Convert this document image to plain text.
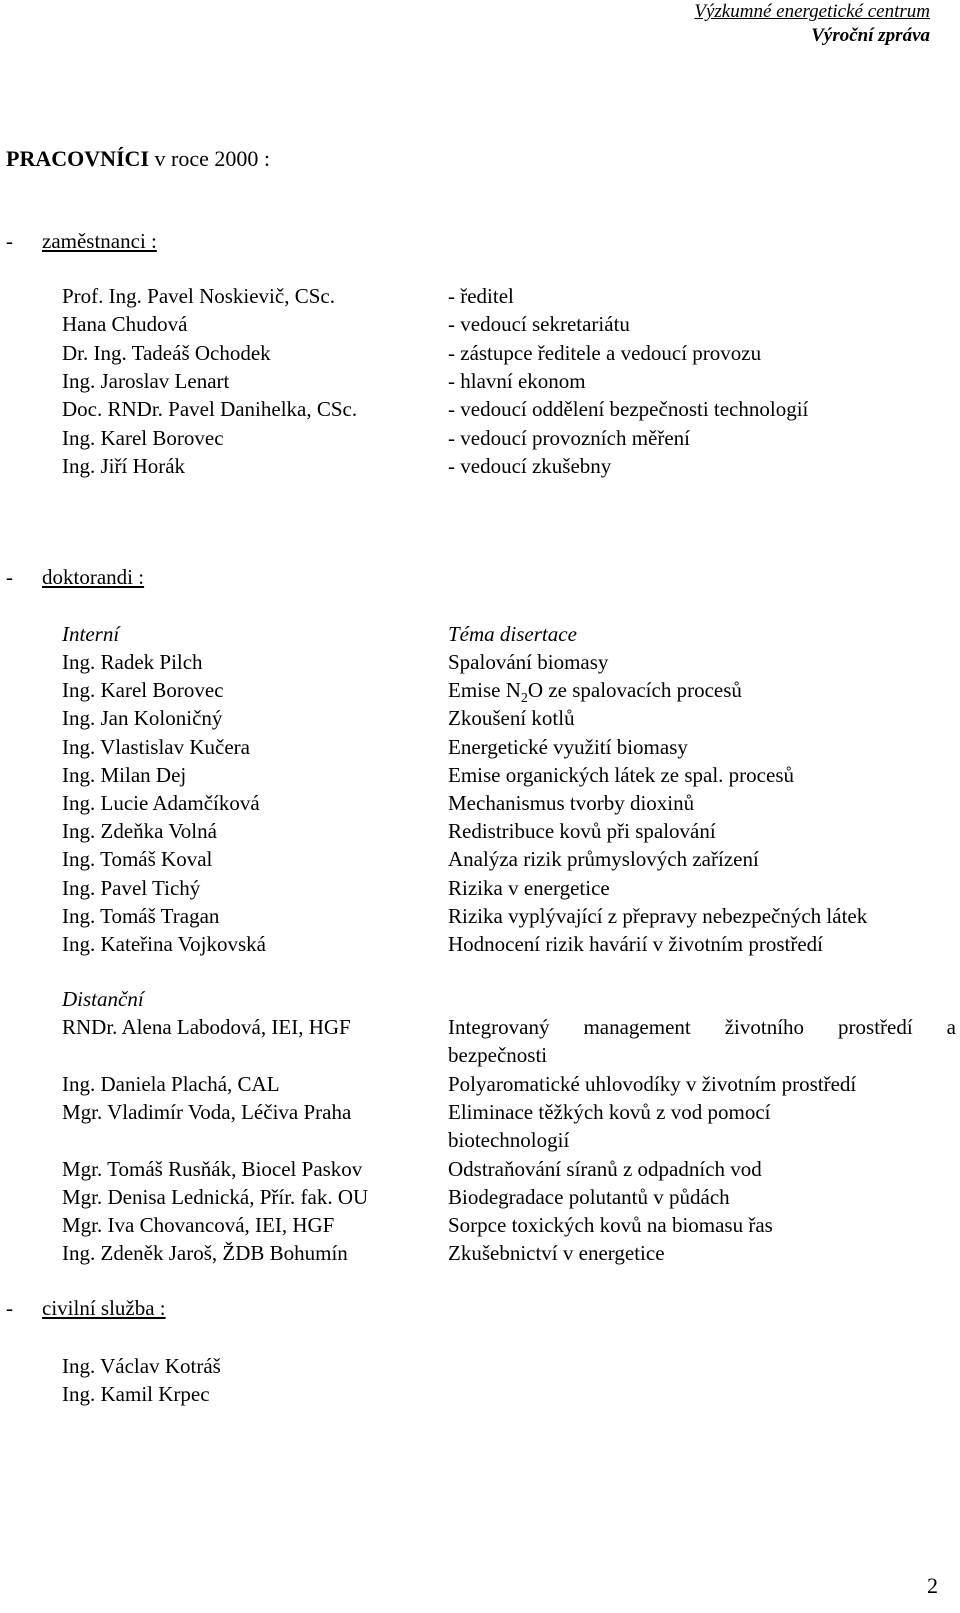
Výzkumné energetické centrum
Výroční zpráva
PRACOVNÍCI v roce 2000 :
- zaměstnanci :
Prof. Ing. Pavel Noskievič, CSc.	- ředitel
Hana Chudová	- vedoucí sekretariátu
Dr. Ing. Tadeáš Ochodek	- zástupce ředitele a vedoucí provozu
Ing. Jaroslav Lenart	- hlavní ekonom
Doc. RNDr. Pavel Danihelka, CSc.	- vedoucí oddělení bezpečnosti technologií
Ing. Karel Borovec	- vedoucí provozních měření
Ing. Jiří Horák	- vedoucí zkušebny
- doktorandi :
Interní	Téma disertace
Ing. Radek Pilch	Spalování biomasy
Ing. Karel Borovec	Emise $N_2O$ ze spalovacích procesů
Ing. Jan Koloničný	Zkoušení kotlů
Ing. Vlastislav Kučera	Energetické využití biomasy
Ing. Milan Dej	Emise organických látek ze spal. procesů
Ing. Lucie Adamčíková	Mechanismus tvorby dioxinů
Ing. Zdeňka Volná	Redistribuce kovů při spalování
Ing. Tomáš Koval	Analýza rizik průmyslových zařízení
Ing. Pavel Tichý	Rizika v energetice
Ing. Tomáš Tragan	Rizika vyplývající z přepravy nebezpečných látek
Ing. Kateřina Vojkovská	Hodnocení rizik havárií v životním prostředí
Distanční
RNDr. Alena Labodová, IEI, HGF	Integrovaný management životního prostředí a
bezpečnosti
Ing. Daniela Plachá, CAL	Polyaromatické uhlovodíky v životním prostředí
Mgr. Vladimír Voda, Léčiva Praha	Eliminace těžkých kovů z vod pomocí
biotechnologií
Mgr. Tomáš Rusňák, Biocel Paskov	Odstraňování síranů z odpadních vod
Mgr. Denisa Lednická, Přír. fak. OU	Biodegradace polutantů v půdách
Mgr. Iva Chovancová, IEI, HGF	Sorpce toxických kovů na biomasu řas
Ing. Zdeněk Jaroš, ŽDB Bohumín	Zkušebnictví v energetice
- civilní služba :
Ing. Václav Kotráš
Ing. Kamil Krpec
2
